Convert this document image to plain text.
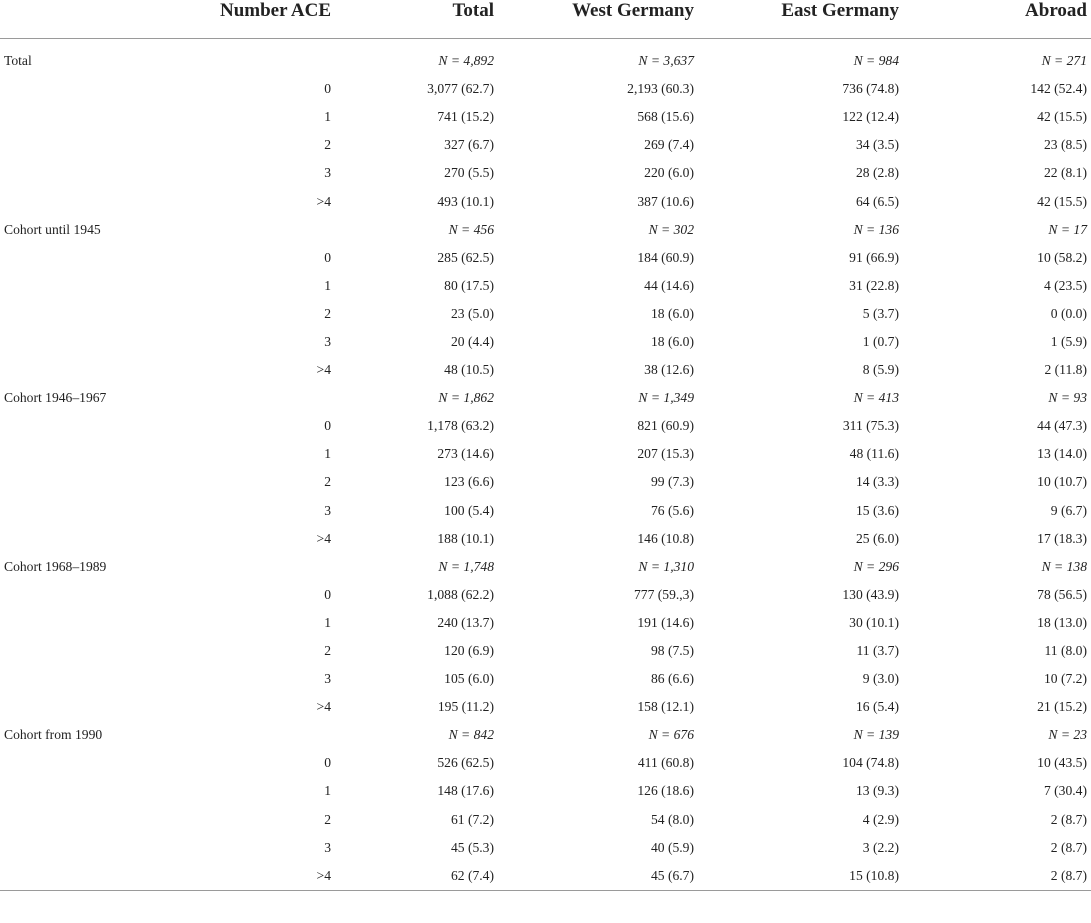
	Number ACE	Total	West Germany	East Germany	Abroad
Total		N = 4,892	N = 3,637	N = 984	N = 271
	0	3,077 (62.7)	2,193 (60.3)	736 (74.8)	142 (52.4)
	1	741 (15.2)	568 (15.6)	122 (12.4)	42 (15.5)
	2	327 (6.7)	269 (7.4)	34 (3.5)	23 (8.5)
	3	270 (5.5)	220 (6.0)	28 (2.8)	22 (8.1)
	>4	493 (10.1)	387 (10.6)	64 (6.5)	42 (15.5)
Cohort until 1945		N = 456	N = 302	N = 136	N = 17
	0	285 (62.5)	184 (60.9)	91 (66.9)	10 (58.2)
	1	80 (17.5)	44 (14.6)	31 (22.8)	4 (23.5)
	2	23 (5.0)	18 (6.0)	5 (3.7)	0 (0.0)
	3	20 (4.4)	18 (6.0)	1 (0.7)	1 (5.9)
	>4	48 (10.5)	38 (12.6)	8 (5.9)	2 (11.8)
Cohort 1946–1967		N = 1,862	N = 1,349	N = 413	N = 93
	0	1,178 (63.2)	821 (60.9)	311 (75.3)	44 (47.3)
	1	273 (14.6)	207 (15.3)	48 (11.6)	13 (14.0)
	2	123 (6.6)	99 (7.3)	14 (3.3)	10 (10.7)
	3	100 (5.4)	76 (5.6)	15 (3.6)	9 (6.7)
	>4	188 (10.1)	146 (10.8)	25 (6.0)	17 (18.3)
Cohort 1968–1989		N = 1,748	N = 1,310	N = 296	N = 138
	0	1,088 (62.2)	777 (59.,3)	130 (43.9)	78 (56.5)
	1	240 (13.7)	191 (14.6)	30 (10.1)	18 (13.0)
	2	120 (6.9)	98 (7.5)	11 (3.7)	11 (8.0)
	3	105 (6.0)	86 (6.6)	9 (3.0)	10 (7.2)
	>4	195 (11.2)	158 (12.1)	16 (5.4)	21 (15.2)
Cohort from 1990		N = 842	N = 676	N = 139	N = 23
	0	526 (62.5)	411 (60.8)	104 (74.8)	10 (43.5)
	1	148 (17.6)	126 (18.6)	13 (9.3)	7 (30.4)
	2	61 (7.2)	54 (8.0)	4 (2.9)	2 (8.7)
	3	45 (5.3)	40 (5.9)	3 (2.2)	2 (8.7)
	>4	62 (7.4)	45 (6.7)	15 (10.8)	2 (8.7)
